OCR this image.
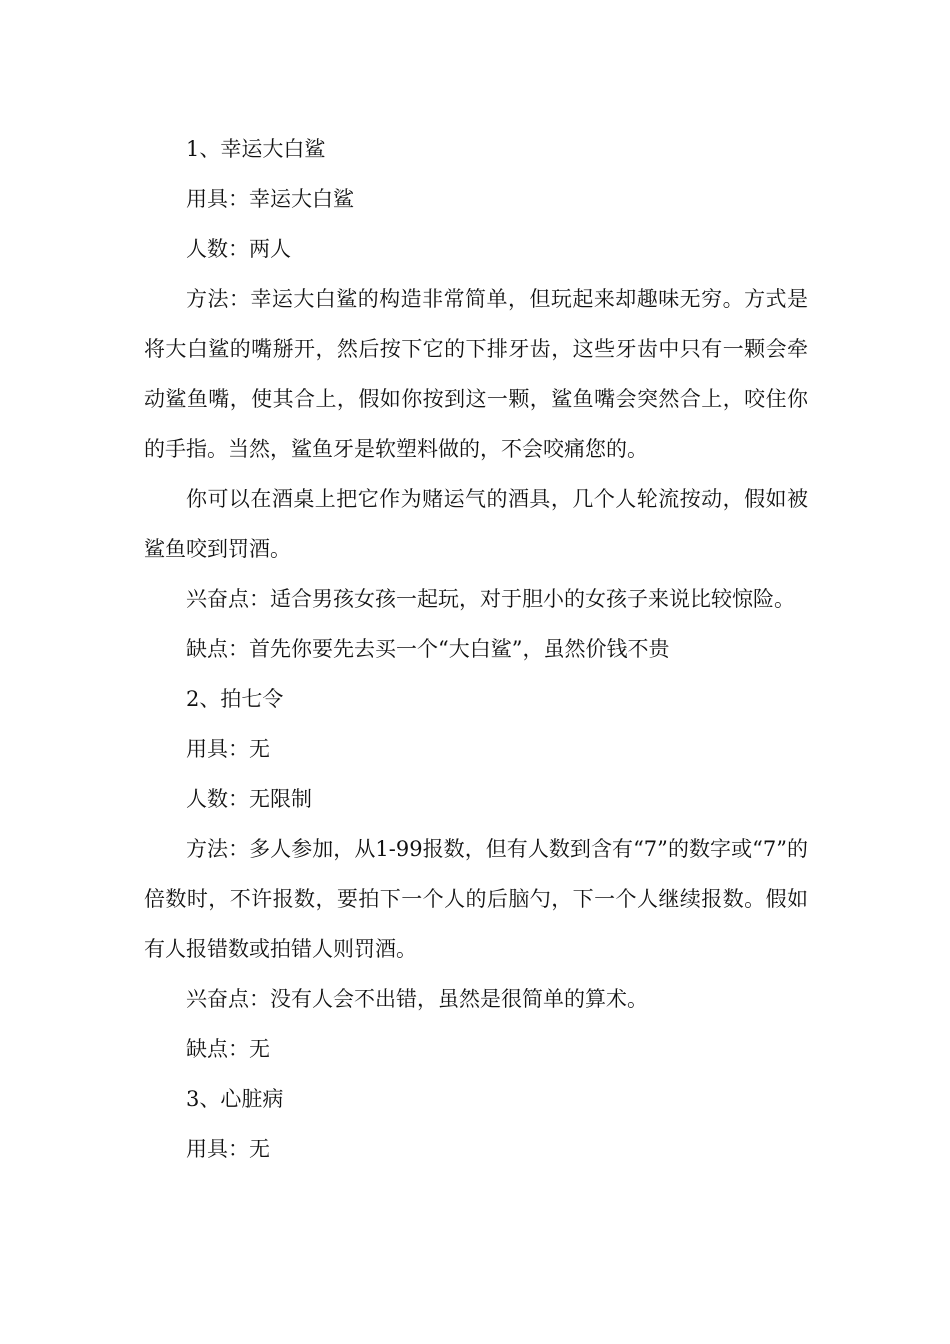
1、幸运大白鲨

用具：幸运大白鲨

人数：两人

方法：幸运大白鲨的构造非常简单，但玩起来却趣味无穷。方式是将大白鲨的嘴掰开，然后按下它的下排牙齿，这些牙齿中只有一颗会牵动鲨鱼嘴，使其合上，假如你按到这一颗，鲨鱼嘴会突然合上，咬住你的手指。当然，鲨鱼牙是软塑料做的，不会咬痛您的。

你可以在酒桌上把它作为赌运气的酒具，几个人轮流按动，假如被鲨鱼咬到罚酒。

兴奋点：适合男孩女孩一起玩，对于胆小的女孩子来说比较惊险。

缺点：首先你要先去买一个“大白鲨”，虽然价钱不贵

2、拍七令

用具：无

人数：无限制

方法：多人参加，从1-99报数，但有人数到含有“7”的数字或“7”的倍数时，不许报数，要拍下一个人的后脑勺，下一个人继续报数。假如有人报错数或拍错人则罚酒。

兴奋点：没有人会不出错，虽然是很简单的算术。

缺点：无

3、心脏病

用具：无
